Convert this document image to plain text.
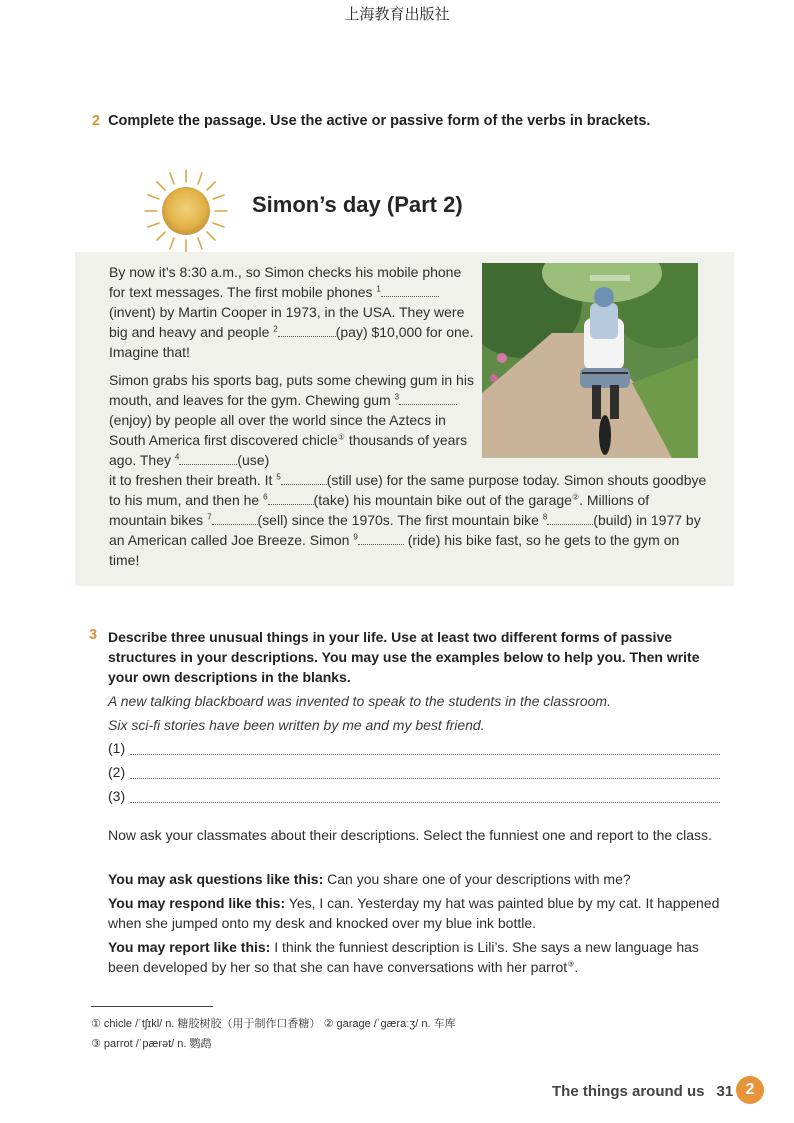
上海教育出版社
2 Complete the passage. Use the active or passive form of the verbs in brackets.
Simon’s day (Part 2)

By now it’s 8:30 a.m., so Simon checks his mobile phone for text messages. The first mobile phones $^1$(invent) by Martin Cooper in 1973, in the USA. They were big and heavy and people $^2$	(pay) $10,000 for one. Imagine that!

Simon grabs his sports bag, puts some chewing gum in his mouth, and leaves for the gym. Chewing gum $^3$(enjoy) by people all over the world since the Aztecs in South America first discovered chicle① thousands of years ago. They $^4$	(use)

it to freshen their breath. It $^5$	(still use) for the same purpose today. Simon shouts goodbye to his mum, and then he $^6$	(take) his mountain bike out of the garage②. Millions of mountain bikes $^7$	(sell) since the 1970s. The first mountain bike $^8$	(build) in 1977 by an American called Joe Breeze. Simon $^9$	(ride) his bike fast, so he gets to the gym on time!

3 Describe three unusual things in your life. Use at least two different forms of passive structures in your descriptions. You may use the examples below to help you. Then write your own descriptions in the blanks.
A new talking blackboard was invented to speak to the students in the classroom.
Six sci-fi stories have been written by me and my best friend.
(1)
(2)
(3)
Now ask your classmates about their descriptions. Select the funniest one and report to the class.
You may ask questions like this: Can you share one of your descriptions with me?
You may respond like this: Yes, I can. Yesterday my hat was painted blue by my cat. It happened when she jumped onto my desk and knocked over my blue ink bottle.
You may report like this: I think the funniest description is Lili’s. She says a new language has been developed by her so that she can have conversations with her parrot③.
① chicle /ˈtʃɪkl/ n. 糖胶树胶（用于制作口香糖） ② garage /ˈɡæraːʒ/ n. 车库
③ parrot /ˈpærət/ n. 鹦鹉
The things around us 31 2
